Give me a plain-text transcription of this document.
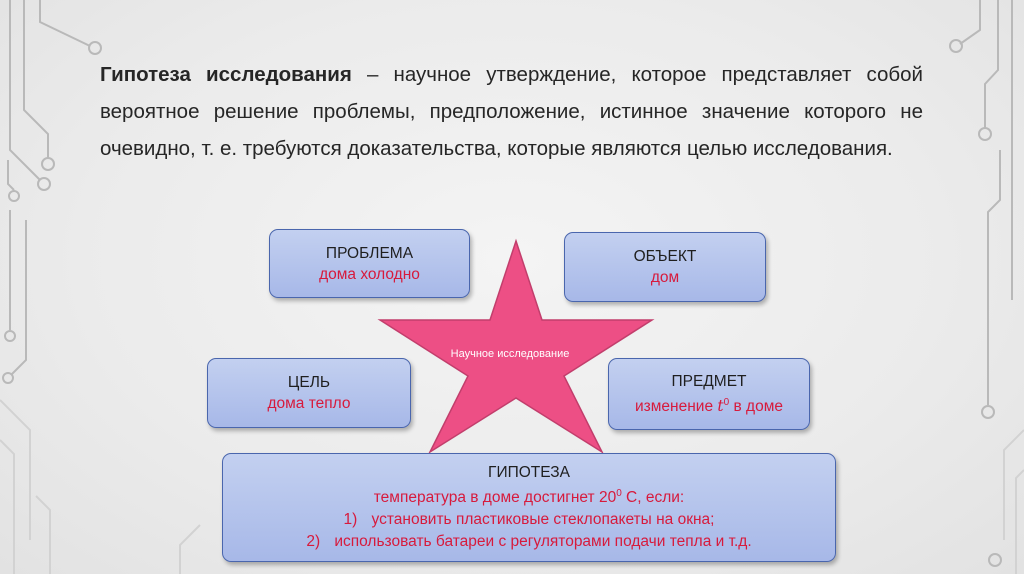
Гипотеза исследования – научное утверждение, которое представляет собой вероятное решение проблемы, предположение, истинное значение которого не очевидно, т. е. требуются доказательства, которые являются целью исследования.
Научное исследование
ПРОБЛЕМА
дома холодно
ОБЪЕКТ
дом
ЦЕЛЬ
дома тепло
ПРЕДМЕТ
изменение $t^0$ в доме
ГИПОТЕЗА
температура в доме достигнет $20^0$ С, если:
1) установить пластиковые стеклопакеты на окна;
2) использовать батареи с регуляторами подачи тепла и т.д.
